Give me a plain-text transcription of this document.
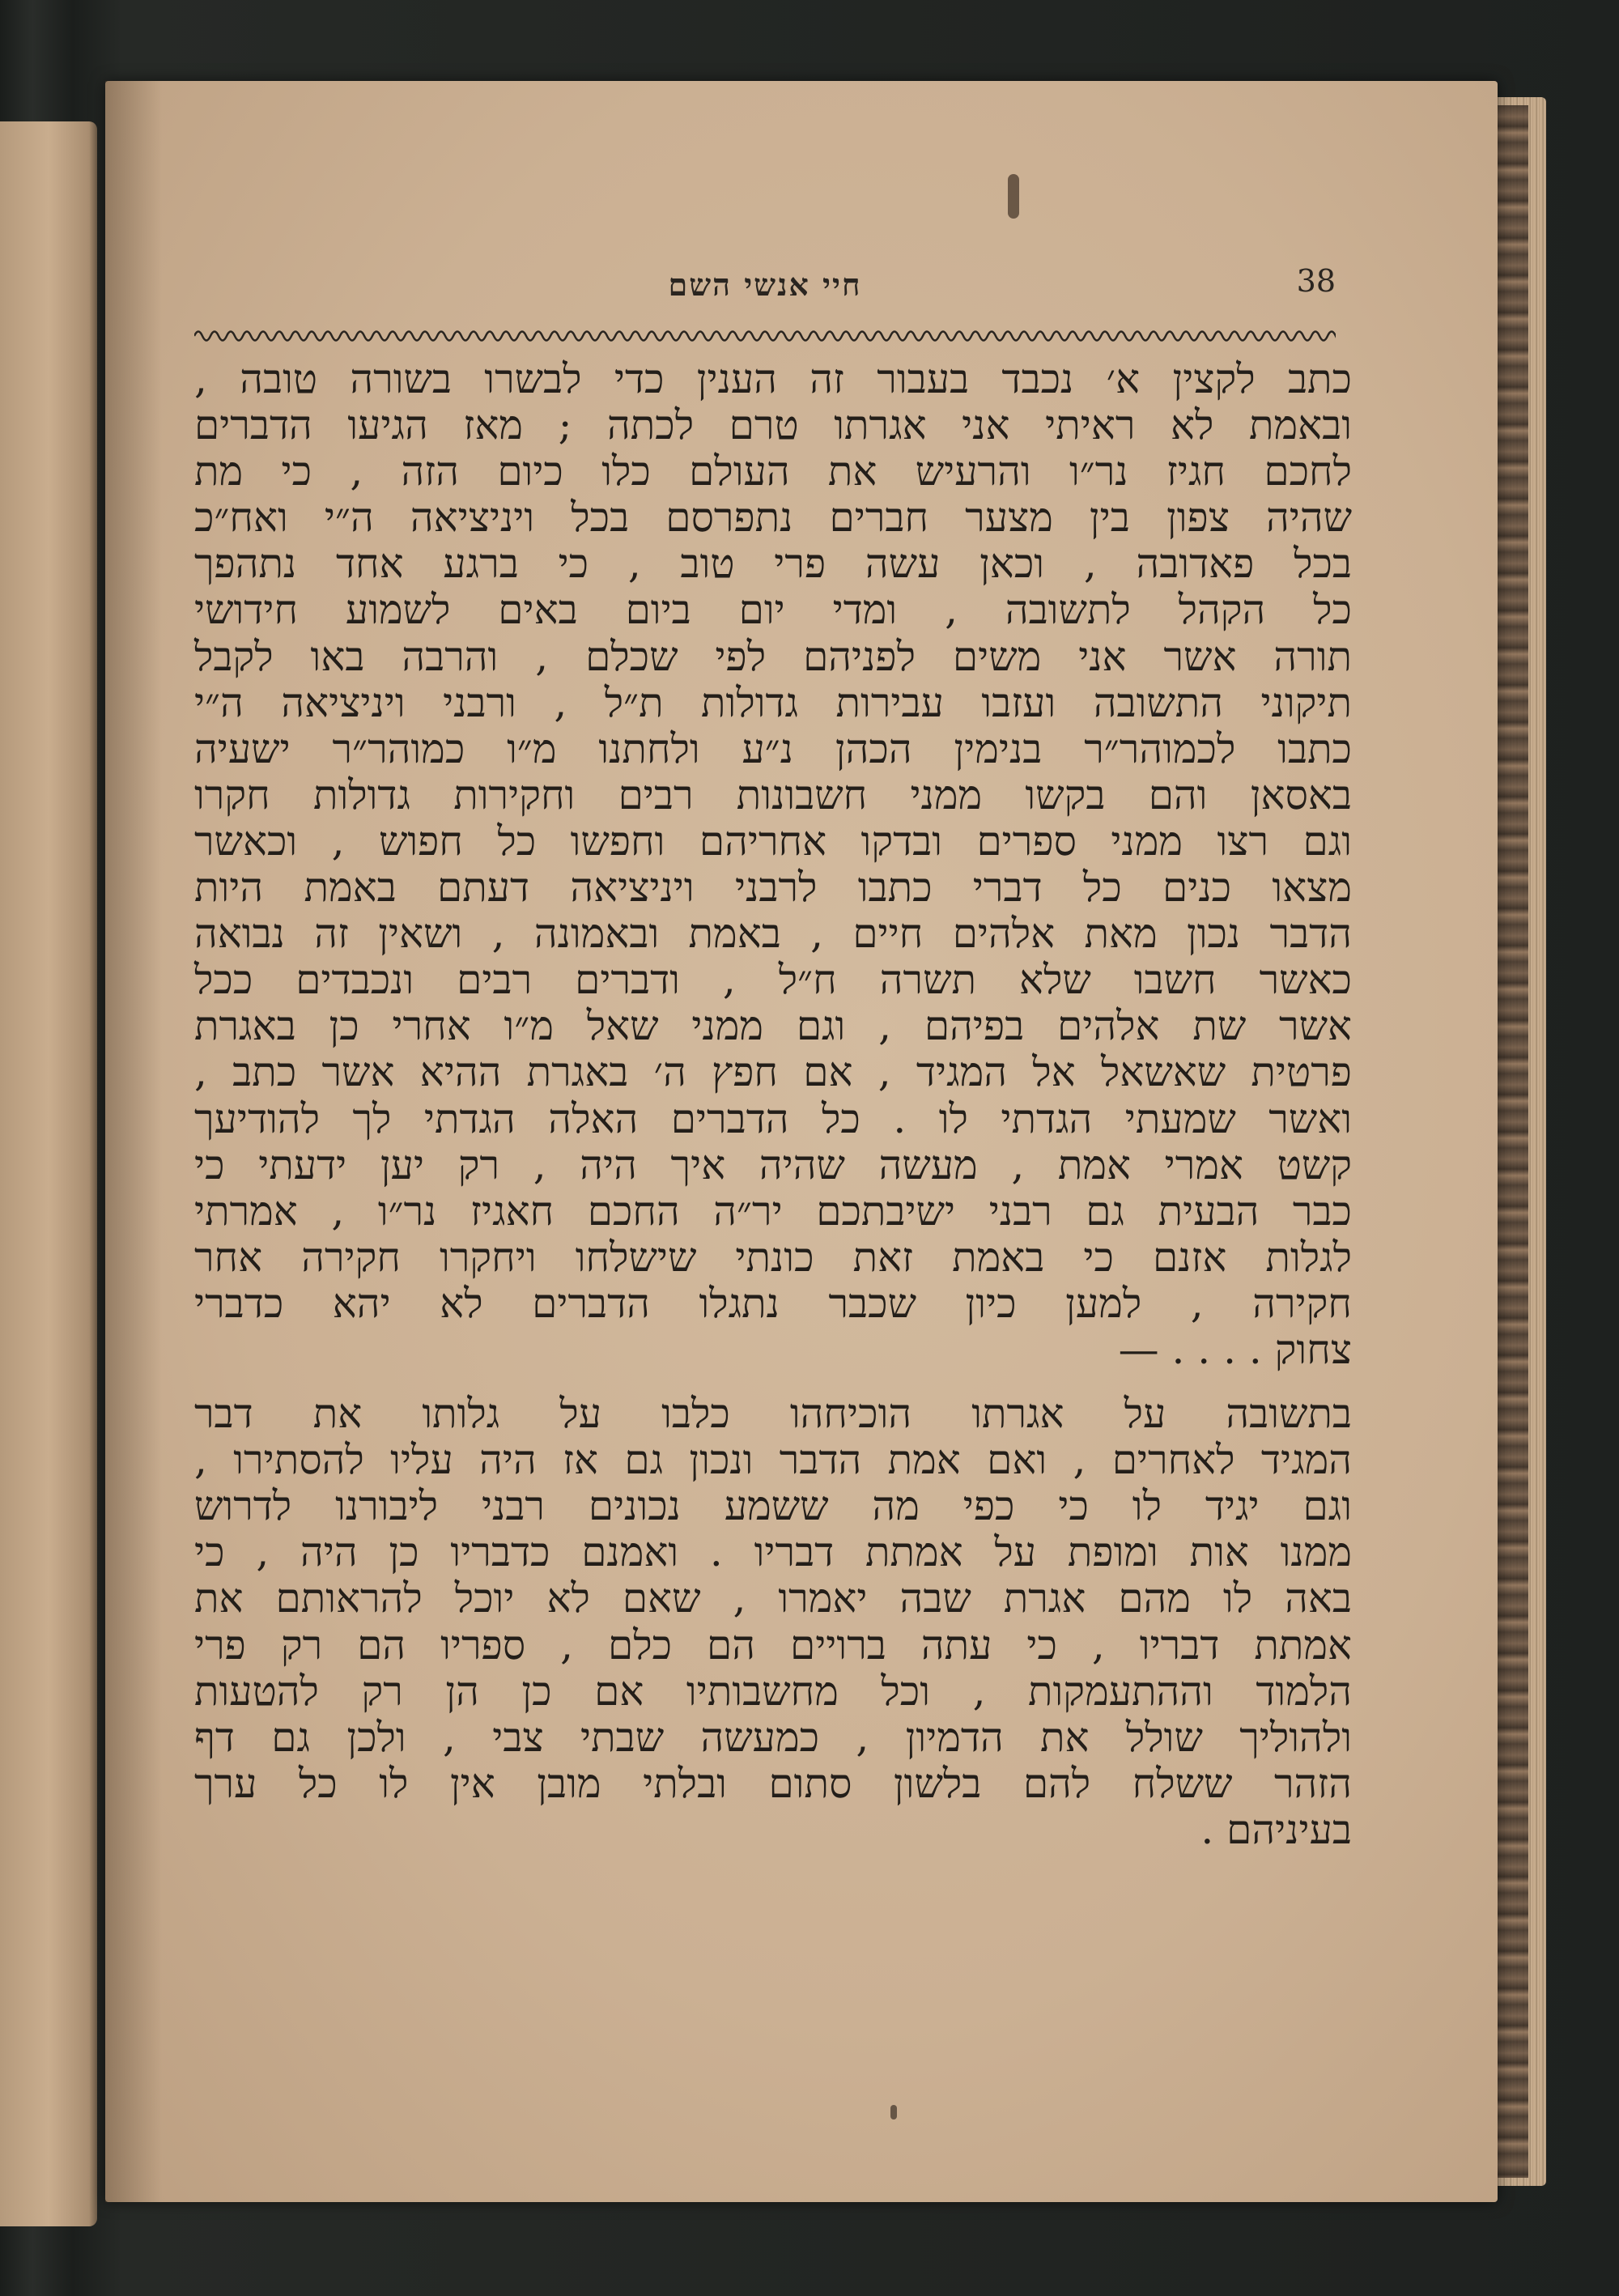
38
חיי אנשי השם

כתב לקצין א׳ נכבד בעבור זה הענין כדי לבשרו בשורה טובה ,
ובאמת לא ראיתי אני אגרתו טרם לכתה ; מאז הגיעו הדברים
לחכם חגיז נר״ו והרעיש את העולם כלו כיום הזה , כי מת
שהיה צפון בין מצער חברים נתפרסם בכל ויניציאה ה״י ואח״כ
בכל פאדובה , וכאן עשה פרי טוב , כי ברגע אחד נתהפך
כל הקהל לתשובה , ומדי יום ביום באים לשמוע חידושי
תורה אשר אני משים לפניהם לפי שכלם , והרבה באו לקבל
תיקוני התשובה ועזבו עבירות גדולות ת״ל , ורבני ויניציאה ה״י
כתבו לכמוהר״ר בנימין הכהן נ״ע ולחתנו מ״ו כמוהר״ר ישעיה
באסאן והם בקשו ממני חשבונות רבים וחקירות גדולות חקרו
וגם רצו ממני ספרים ובדקו אחריהם וחפשו כל חפוש , וכאשר
מצאו כנים כל דברי כתבו לרבני ויניציאה דעתם באמת היות
הדבר נכון מאת אלהים חיים , באמת ובאמונה , ושאין זה נבואה
כאשר חשבו שלא תשרה ח״ל , ודברים רבים ונכבדים ככל
אשר שת אלהים בפיהם , וגם ממני שאל מ״ו אחרי כן באגרת
פרטית שאשאל אל המגיד , אם חפץ ה׳ באגרת ההיא אשר כתב ,
ואשר שמעתי הגדתי לו . כל הדברים האלה הגדתי לך להודיעך
קשט אמרי אמת , מעשה שהיה איך היה , רק יען ידעתי כי
כבר הבעית גם רבני ישיבתכם יר״ה החכם חאגיז נר״ו , אמרתי
לגלות אזנם כי באמת זאת כונתי שישלחו ויחקרו חקירה אחר
חקירה , למען כיון שכבר נתגלו הדברים לא יהא כדברי
צחוק . . . . —

בתשובה על אגרתו הוכיחהו כלבו על גלותו את דבר
המגיד לאחרים , ואם אמת הדבר ונכון גם אז היה עליו להסתירו ,
וגם יגיד לו כי כפי מה ששמע נכונים רבני ליבורנו לדרוש
ממנו אות ומופת על אמתת דבריו . ואמנם כדבריו כן היה , כי
באה לו מהם אגרת שבה יאמרו , שאם לא יוכל להראותם את
אמתת דבריו , כי עתה ברויים הם כלם , ספריו הם רק פרי
הלמוד וההתעמקות , וכל מחשבותיו אם כן הן רק להטעות
ולהוליך שולל את הדמיון , כמעשה שבתי צבי , ולכן גם דף
הזהר ששלח להם בלשון סתום ובלתי מובן אין לו כל ערך
בעיניהם .
